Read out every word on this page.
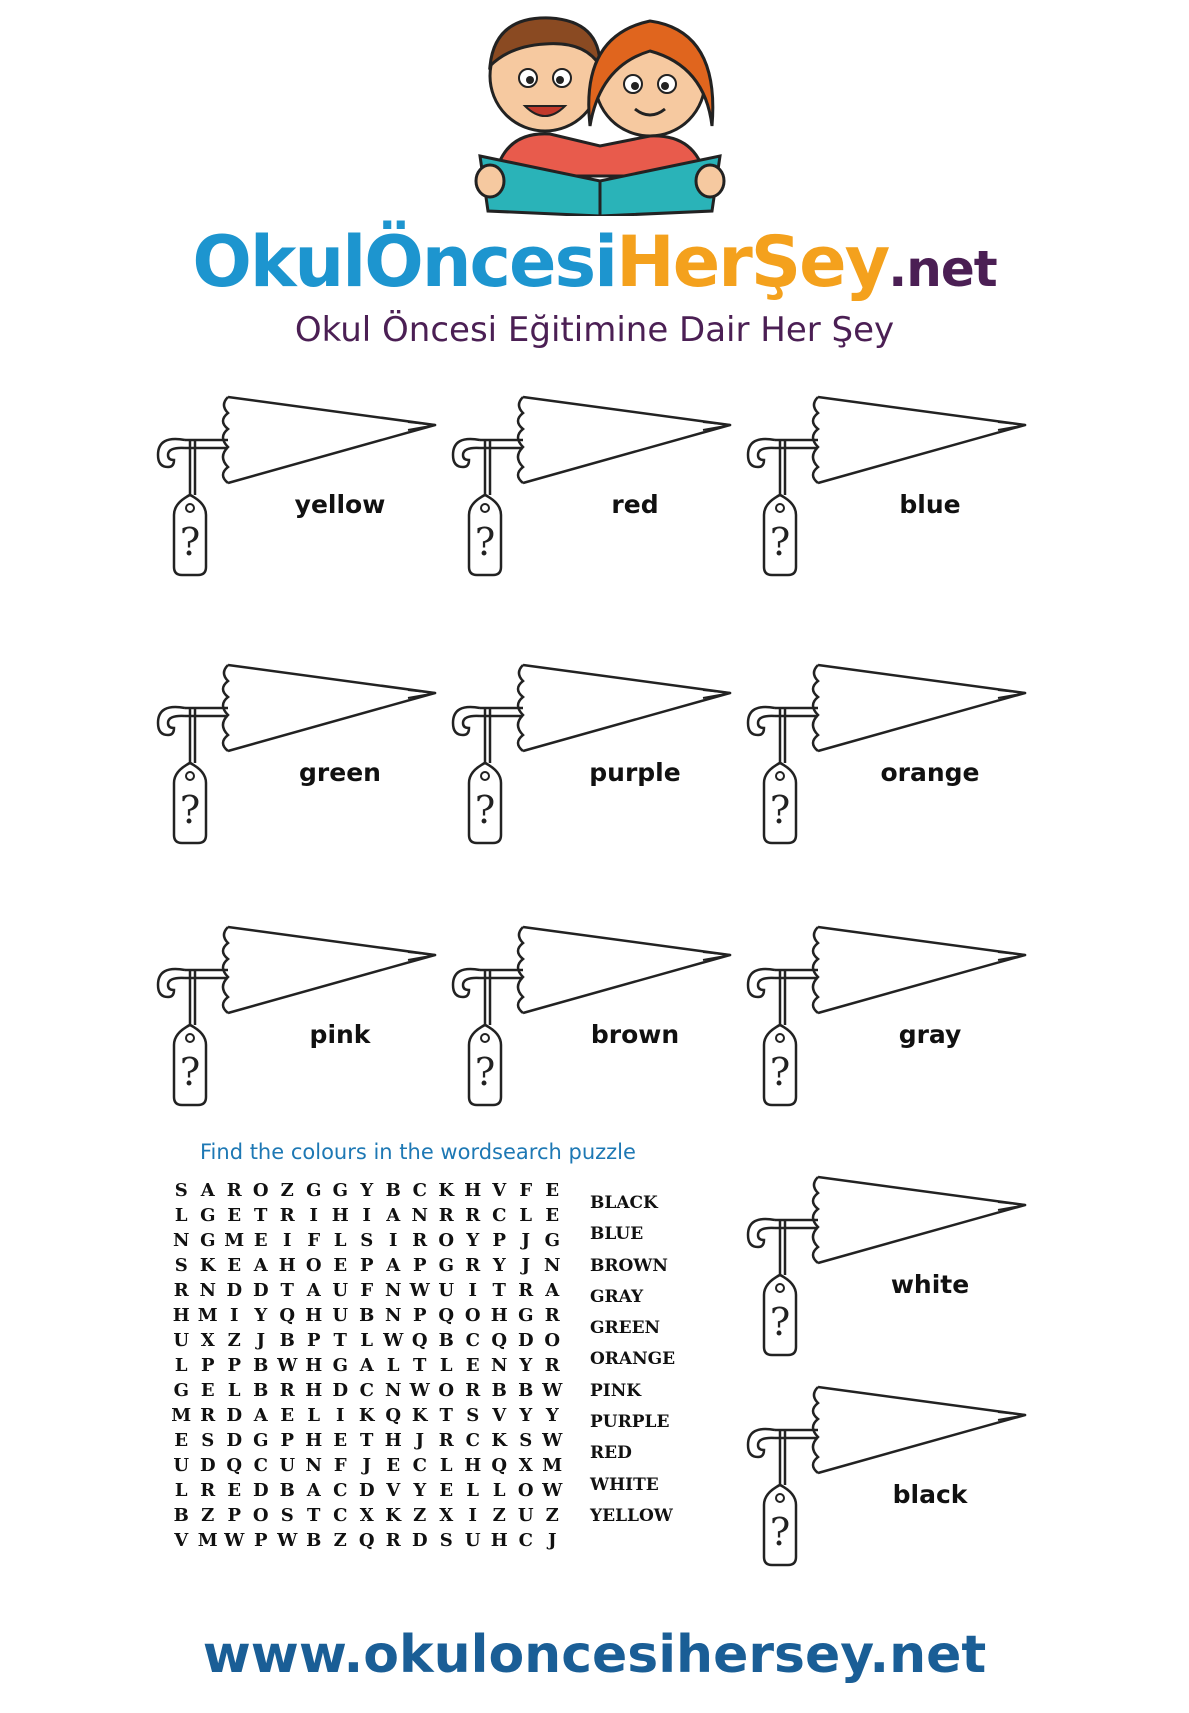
OkulÖncesiHerŞey.net
Okul Öncesi Eğitimine Dair Her Şey
?
yellow
?
red
?
blue
?
green
?
purple
?
orange
?
pink
?
brown
?
gray
?
white
?
black
Find the colours in the wordsearch puzzle
S A R O Z G G Y B C K H V F E
L G E T R I H I A N R R C L E
N G M E I F L S I R O Y P J G
S K E A H O E P A P G R Y J N
R N D D T A U F N W U I T R A
H M I Y Q H U B N P Q O H G R
U X Z J B P T L W Q B C Q D O
L P P B W H G A L T L E N Y R
G E L B R H D C N W O R B B W
M R D A E L I K Q K T S V Y Y
E S D G P H E T H J R C K S W
U D Q C U N F J E C L H Q X M
L R E D B A C D V Y E L L O W
B Z P O S T C X K Z X I Z U Z
V M W P W B Z Q R D S U H C J
BLACK
BLUE
BROWN
GRAY
GREEN
ORANGE
PINK
PURPLE
RED
WHITE
YELLOW
www.okuloncesihersey.net
